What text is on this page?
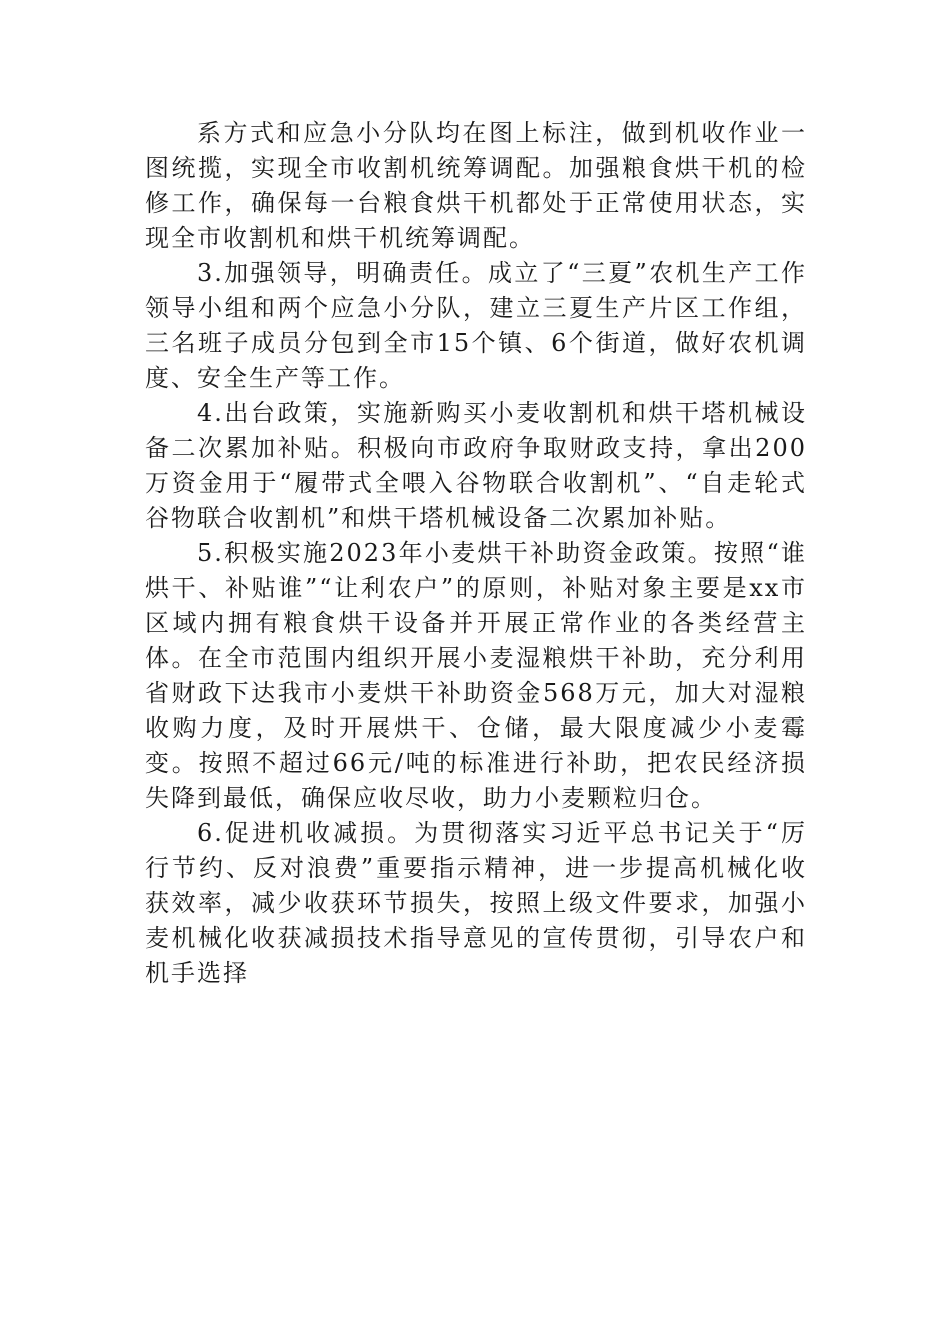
系方式和应急小分队均在图上标注，做到机收作业一图统揽，实现全市收割机统筹调配。加强粮食烘干机的检修工作，确保每一台粮食烘干机都处于正常使用状态，实现全市收割机和烘干机统筹调配。

3.加强领导，明确责任。成立了“三夏”农机生产工作领导小组和两个应急小分队，建立三夏生产片区工作组，三名班子成员分包到全市15个镇、6个街道，做好农机调度、安全生产等工作。

4.出台政策，实施新购买小麦收割机和烘干塔机械设备二次累加补贴。积极向市政府争取财政支持，拿出200万资金用于“履带式全喂入谷物联合收割机”、“自走轮式谷物联合收割机”和烘干塔机械设备二次累加补贴。

5.积极实施2023年小麦烘干补助资金政策。按照“谁烘干、补贴谁”“让利农户”的原则，补贴对象主要是xx市区域内拥有粮食烘干设备并开展正常作业的各类经营主体。在全市范围内组织开展小麦湿粮烘干补助，充分利用省财政下达我市小麦烘干补助资金568万元，加大对湿粮收购力度，及时开展烘干、仓储，最大限度减少小麦霉变。按照不超过66元/吨的标准进行补助，把农民经济损失降到最低，确保应收尽收，助力小麦颗粒归仓。

6.促进机收减损。为贯彻落实习近平总书记关于“厉行节约、反对浪费”重要指示精神，进一步提高机械化收获效率，减少收获环节损失，按照上级文件要求，加强小麦机械化收获减损技术指导意见的宣传贯彻，引导农户和机手选择
